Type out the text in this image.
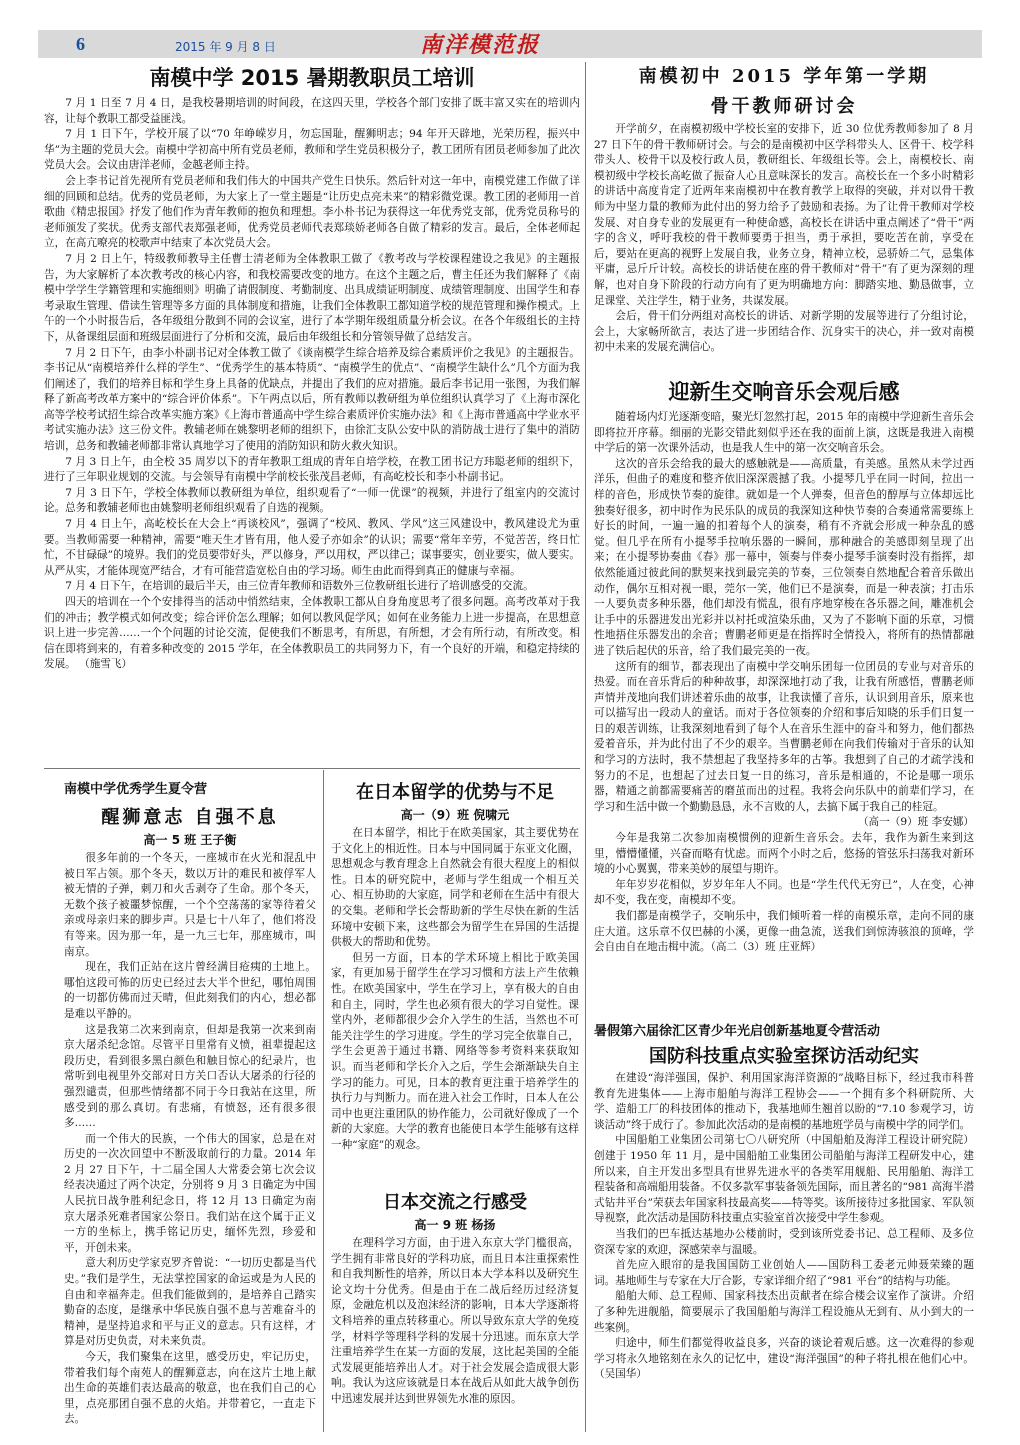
6	2015 年 9 月 8 日	南洋模范报
南模中学 2015 暑期教职员工培训

7 月 1 日至 7 月 4 日，是我校暑期培训的时间段，在这四天里，学校各个部门安排了既丰富又实在的培训内容，让每个教职工都受益匪浅。

7 月 1 日下午，学校开展了以“70 年峥嵘岁月，勿忘国耻，醒狮明志；94 年开天辟地，光荣历程，振兴中华”为主题的党员大会。南模中学初高中所有党员老师，教师和学生党员积极分子，教工团所有团员老师参加了此次党员大会。会议由唐洋老师，金越老师主持。

会上李书记首先视所有党员老师和我们伟大的中国共产党生日快乐。然后针对这一年中，南模党建工作做了详细的回顾和总结。优秀的党员老师，为大家上了一堂主题是“让历史点亮未来”的精彩微党课。教工团的老师用一首歌曲《精忠报国》抒发了他们作为青年教师的抱负和理想。李小朴书记为获得这一年优秀党支部，优秀党员称号的老师颁发了奖状。优秀支部代表郑强老师，优秀党员老师代表郑琰娇老师各自做了精彩的发言。最后，全体老师起立，在高亢嘹亮的校歌声中结束了本次党员大会。

7 月 2 日上午，特级教师教导主任曹士清老师为全体教职工做了《教考改与学校课程建设之我见》的主题报告，为大家解析了本次教考改的核心内容，和我校需要改变的地方。在这个主题之后，曹主任还为我们解释了《南模中学学生学籍管理和实施细则》明确了请假制度、考勤制度、出具成绩证明制度、成绩管理制度、出国学生和春考录取生管理、借读生管理等多方面的具体制度和措施，让我们全体教职工都知道学校的规范管理和操作模式。上午的一个小时报告后，各年级组分散到不同的会议室，进行了本学期年级组质量分析会议。在各个年级组长的主持下，从备课组层面和班级层面进行了分析和交流，最后由年级组长和分管领导做了总结发言。

7 月 2 日下午，由李小朴副书记对全体教工做了《谈南模学生综合培养及综合素质评价之我见》的主题报告。李书记从“南模培养什么样的学生”、“优秀学生的基本特质”、“南模学生的优点”、“南模学生缺什么”几个方面为我们阐述了，我们的培养目标和学生身上具备的优缺点，并提出了我们的应对措施。最后李书记用一张图，为我们解释了新高考改革方案中的“综合评价体系”。下午两点以后，所有教师以教研组为单位组织认真学习了《上海市深化高等学校考试招生综合改革实施方案》《上海市普通高中学生综合素质评价实施办法》和《上海市普通高中学业水平考试实施办法》这三份文件。教辅老师在姚黎明老师的组织下，由徐汇支队公安中队的消防战士进行了集中的消防培训，总务和教辅老师都非常认真地学习了使用的消防知识和防火救火知识。

7 月 3 日上午，由全校 35 周岁以下的青年教职工组成的青年自培学校，在教工团书记方玮聪老师的组织下，进行了三年职业规划的交流。与会领导有南模中学前校长张茂昌老师，有高屹校长和李小朴副书记。

7 月 3 日下午，学校全体教师以教研组为单位，组织观看了“一师一优课”的视频，并进行了组室内的交流讨论。总务和教辅老师也由姚黎明老师组织观看了自选的视频。

7 月 4 日上午，高屹校长在大会上“再谈校风”，强调了“校风、教风、学风”这三风建设中，教风建设尤为重要。当教师需要一种精神，需要“唯天生才皆有用，他人爱子亦如余”的认识；需要“常年辛劳，不觉苦苦，终日忙忙，不甘碌碌”的境界。我们的党员要带好头，严以修身，严以用权，严以律己；谋事要实，创业要实，做人要实。从严从实，才能体现宽严结合，才有可能营造宽松自由的学习场。师生由此而得到真正的健康与幸福。

7 月 4 日下午，在培训的最后半天，由三位青年教师和语数外三位教研组长进行了培训感受的交流。

四天的培训在一个个安排得当的活动中悄然结束，全体教职工都从自身角度思考了很多问题。高考改革对于我们的冲击；教学模式如何改变；综合评价怎么理解；如何以教风促学风；如何在业务能力上进一步提高，在思想意识上进一步完善……一个个问题的讨论交流，促使我们不断思考，有所思，有所想，才会有所行动，有所改变。相信在即将到来的，有着多种改变的 2015 学年，在全体教职员工的共同努力下，有一个良好的开端，和稳定持续的发展。 （施雪飞）

南模中学优秀学生夏令营
醒狮意志 自强不息
高一 5 班 王子衡

很多年前的一个冬天，一座城市在火光和混乱中被日军占领。那个冬天，数以万计的难民和被俘军人被无情的子弹，刺刀和火舌剥夺了生命。那个冬天，无数个孩子被噩梦惊醒，一个个空荡荡的家等待着父亲或母亲归来的脚步声。只是七十八年了，他们将没有等来。因为那一年，是一九三七年，那座城市，叫南京。

现在，我们正站在这片曾经满目疮痍的土地上。哪怕这段可怖的历史已经过去大半个世纪，哪怕周围的一切都仿佛而过天晴，但此刻我们的内心，想必都是难以平静的。

这是我第二次来到南京，但却是我第一次来到南京大屠杀纪念馆。尽管平日里常有义愤，祖辈提起这段历史，看到很多黑白颜色和触目惊心的纪录片，也常听到电视里外交部对日方关口否认大屠杀的行径的强烈谴责，但那些情绪都不同于今日我站在这里，所感受到的那么真切。有悲痛，有愤怒，还有很多很多……

而一个伟大的民族，一个伟大的国家，总是在对历史的一次次回望中不断汲取前行的力量。2014 年 2 月 27 日下午，十二届全国人大常委会第七次会议经表决通过了两个决定，分别将 9 月 3 日确定为中国人民抗日战争胜利纪念日，将 12 月 13 日确定为南京大屠杀死难者国家公祭日。我们站在这个属于正义一方的坐标上，携手铭记历史，缅怀先烈，珍爱和平，开创未来。

意大利历史学家克罗齐曾说：“一切历史都是当代史。”我们是学生，无法掌控国家的命运或是为人民的自由和幸福奔走。但我们能做到的，是培养自己踏实勤奋的态度，是继承中华民族自强不息与苦难奋斗的精神，是坚持追求和平与正义的意志。只有这样，才算是对历史负责，对未来负责。

今天，我们聚集在这里，感受历史，牢记历史，带着我们每个南苑人的醒狮意志，向在这片土地上献出生命的英雄们表达最高的敬意，也在我们自己的心里，点亮那团自强不息的火焰。并带着它，一直走下去。

在日本留学的优势与不足
高一（9）班 倪啸元

在日本留学，相比于在欧美国家，其主要优势在于文化上的相近性。日本与中国同属于东亚文化圈，思想观念与教育理念上自然就会有很大程度上的相似性。日本的研究院中，老师与学生组成一个相互关心、相互协助的大家庭，同学和老师在生活中有很大的交集。老师和学长会帮助新的学生尽快在新的生活环境中安顿下来，这些都会为留学生在异国的生活提供极大的帮助和优势。

但另一方面，日本的学术环境上相比于欧美国家，有更加易于留学生在学习习惯和方法上产生依赖性。在欧美国家中，学生在学习上，享有极大的自由和自主，同时，学生也必须有很大的学习自觉性。课堂内外，老师都很少会介入学生的生活，当然也不可能关注学生的学习进度。学生的学习完全依靠自己，学生会更善于通过书籍、网络等参考资料来获取知识。而当老师和学长介入之后，学生会渐渐缺失自主学习的能力。可见，日本的教育更注重于培养学生的执行力与判断力。而在进入社会工作时，日本人在公司中也更注重团队的协作能力，公司就好像成了一个新的大家庭。大学的教育也能使日本学生能够有这样一种“家庭”的观念。

日本交流之行感受
高一 9 班 杨扬

在理科学习方面，由于进入东京大学门槛很高，学生拥有非常良好的学科功底，而且日本注重探索性和自我判断性的培养，所以日本大学本科以及研究生论文均十分优秀。但是由于在二战后经历过经济复原，金融危机以及泡沫经济的影响，日本大学逐渐将文科培养的重点转移重心。所以导致东京大学的免疫学，材料学等理科学科的发展十分迅速。而东京大学注重培养学生在某一方面的发展，这比起美国的全能式发展更能培养出人才。对于社会发展会造成很大影响。我认为这应该就是日本在战后从如此大战争创伤中迅速发展并达到世界领先水准的原因。

南模初中 2015 学年第一学期
骨干教师研讨会

开学前夕，在南模初级中学校长室的安排下，近 30 位优秀教师参加了 8 月 27 日下午的骨干教师研讨会。与会的是南模初中区学科带头人、区骨干、校学科带头人、校骨干以及校行政人员，教研组长、年级组长等。会上，南模校长、南模初级中学校长高屹做了振奋人心且意味深长的发言。高校长在一个多小时精彩的讲话中高度肯定了近两年来南模初中在教育教学上取得的突破，并对以骨干教师为中坚力量的教师为此付出的努力给予了鼓励和表扬。为了让骨干教师对学校发展、对自身专业的发展更有一种使命感，高校长在讲话中重点阐述了“骨干”两字的含义，呼吁我校的骨干教师要勇于担当，勇于承担，要吃苦在前，享受在后，要站在更高的视野上发展自我，业务立身，精神立校，忌骄娇二气，忌集体平庸，忌斤斤计较。高校长的讲话使在座的骨干教师对“骨干”有了更为深刻的理解，也对自身下阶段的行动方向有了更为明确地方向：脚踏实地、勤恳做事，立足课堂、关注学生，精于业务，共谋发展。

会后，骨干们分两组对高校长的讲话、对新学期的发展等进行了分组讨论，会上，大家畅所欲言，表达了进一步团结合作、沉身实干的决心，并一致对南模初中未来的发展充满信心。

迎新生交响音乐会观后感

随着场内灯光逐渐变暗，聚光灯忽然打起，2015 年的南模中学迎新生音乐会即将拉开序幕。细丽的光影交错此刻似乎还在我的面前上演，这既是我进入南模中学后的第一次课外活动，也是我人生中的第一次交响音乐会。

这次的音乐会给我的最大的感触就是——高质量，有美感。虽然从未学过西洋乐，但曲子的难度和整齐依旧深深震撼了我。小提琴几乎在同一时间，拉出一样的音色，形成快节奏的旋律。就如是一个人弹奏，但音色的醇厚与立体却远比独奏好很多，初中时作为民乐队的成员的我深知这种快节奏的合奏通常需要练上好长的时间，一遍一遍的扣着每个人的演奏，稍有不齐就会形成一种杂乱的感觉。但几乎在所有小提琴手拉响乐器的一瞬间，那种融合的美感即刻呈现了出来；在小提琴协奏曲《春》那一幕中，领奏与伴奏小提琴手演奏时没有指挥，却依然能通过彼此间的默契来找到最完美的节奏，三位领奏自然地配合着音乐做出动作，偶尔互相对视一眼，莞尔一笑，他们已不是演奏，而是一种表演；打击乐一人要负责多种乐器，他们却没有慌乱，很有序地穿梭在各乐器之间，雕准机会让手中的乐器进发出光彩并以衬托或渲染乐曲，又为了不影响下面的乐章，习惯性地捂住乐器发出的余音；曹鹏老师更是在指挥时全情投入，将所有的热情都融进了铁后起伏的乐音，给了我们最完美的一夜。

这所有的细节，都表现出了南模中学交响乐团每一位团员的专业与对音乐的热爱。而在音乐背后的种种故事，却深深地打动了我，让我有所感悟，曹鹏老师声情并茂地向我们讲述着乐曲的故事，让我读懂了音乐，认识到用音乐，原来也可以描写出一段动人的童话。而对于各位领奏的介绍和事后知晓的乐手们日复一日的艰苦训练，让我深刻地看到了每个人在音乐生涯中的奋斗和努力，他们都热爱着音乐，并为此付出了不少的艰辛。当曹鹏老师在向我们传输对于音乐的认知和学习的方法时，我不禁想起了我坚持多年的古筝。我想到了自己的才疏学浅和努力的不足，也想起了过去日复一日的练习，音乐是相通的，不论是哪一项乐器，精通之前都需要痛苦的磨茧而出的过程。我将会向乐队中的前辈们学习，在学习和生活中做一个勤勤恳恳，永不言败的人，去搞下属于我自己的桂冠。

（高一（9）班 李安娜）

今年是我第二次参加南模惯例的迎新生音乐会。去年，我作为新生来到这里，懵懵懂懂，兴奋而略有忧虑。而两个小时之后，悠扬的管弦乐扫荡我对新环境的小心翼翼，带来美妙的展望与期许。

年年岁岁花相似，岁岁年年人不同。也是“学生代代无穷已”，人在变，心神却不变，我在变，南模却不变。

我们都是南模学子，交响乐中，我们倾听着一样的南模乐章，走向不同的康庄大道。这乐章不仅巴赫的小溪，更像一曲急流，送我们到惊涛骇浪的顶峰，学会自由自在地击楫中流。（高二（3）班 庄亚辉）

暑假第六届徐汇区青少年光启创新基地夏令营活动
国防科技重点实验室探访活动纪实

在建设“海洋强国，保护、利用国家海洋资源的”战略目标下，经过我市科普教育先进集体——上海市船舶与海洋工程协会——一个拥有多个科研院所、大学、造船工厂的科技团体的推动下，我基地师生翘首以盼的“7.10 参观学习，访谈活动”终于成行了。参加此次活动的是南模的基地班学员与南模中学的同学们。

中国船舶工业集团公司第七〇八研究所（中国船舶及海洋工程设计研究院）创建于 1950 年 11 月，是中国船舶工业集团公司船舶与海洋工程研发中心，建所以来，自主开发出多型具有世界先进水平的各类军用舰船、民用船舶、海洋工程装备和高端船用装备。不仅多款军事装备领先国际，而且著名的“981 高海半潜式钻井平台”荣获去年国家科技最高奖——特等奖。该所接待过多批国家、军队领导视察，此次活动是国防科技重点实验室首次接受中学生参观。

当我们的巴车抵达基地办公楼前时，受到该所党委书记、总工程师、及多位资深专家的欢迎，深感荣幸与温暖。

首先应入眼帘的是我国国防工业创始人——国防科工委老元帅聂荣臻的题词。基地师生与专家在大厅合影，专家详细介绍了“981 平台”的结构与功能。

船舶大师、总工程师、国家科技杰出贡献者在综合楼会议室作了演讲。介绍了多种先进舰船，简要展示了我国船舶与海洋工程设施从无到有、从小到大的一些案例。

归途中，师生们都觉得收益良多，兴奋的谈论着观后感。这一次难得的参观学习将永久地铭刻在永久的记忆中，建设“海洋强国”的种子将扎根在他们心中。 （吴国华）
